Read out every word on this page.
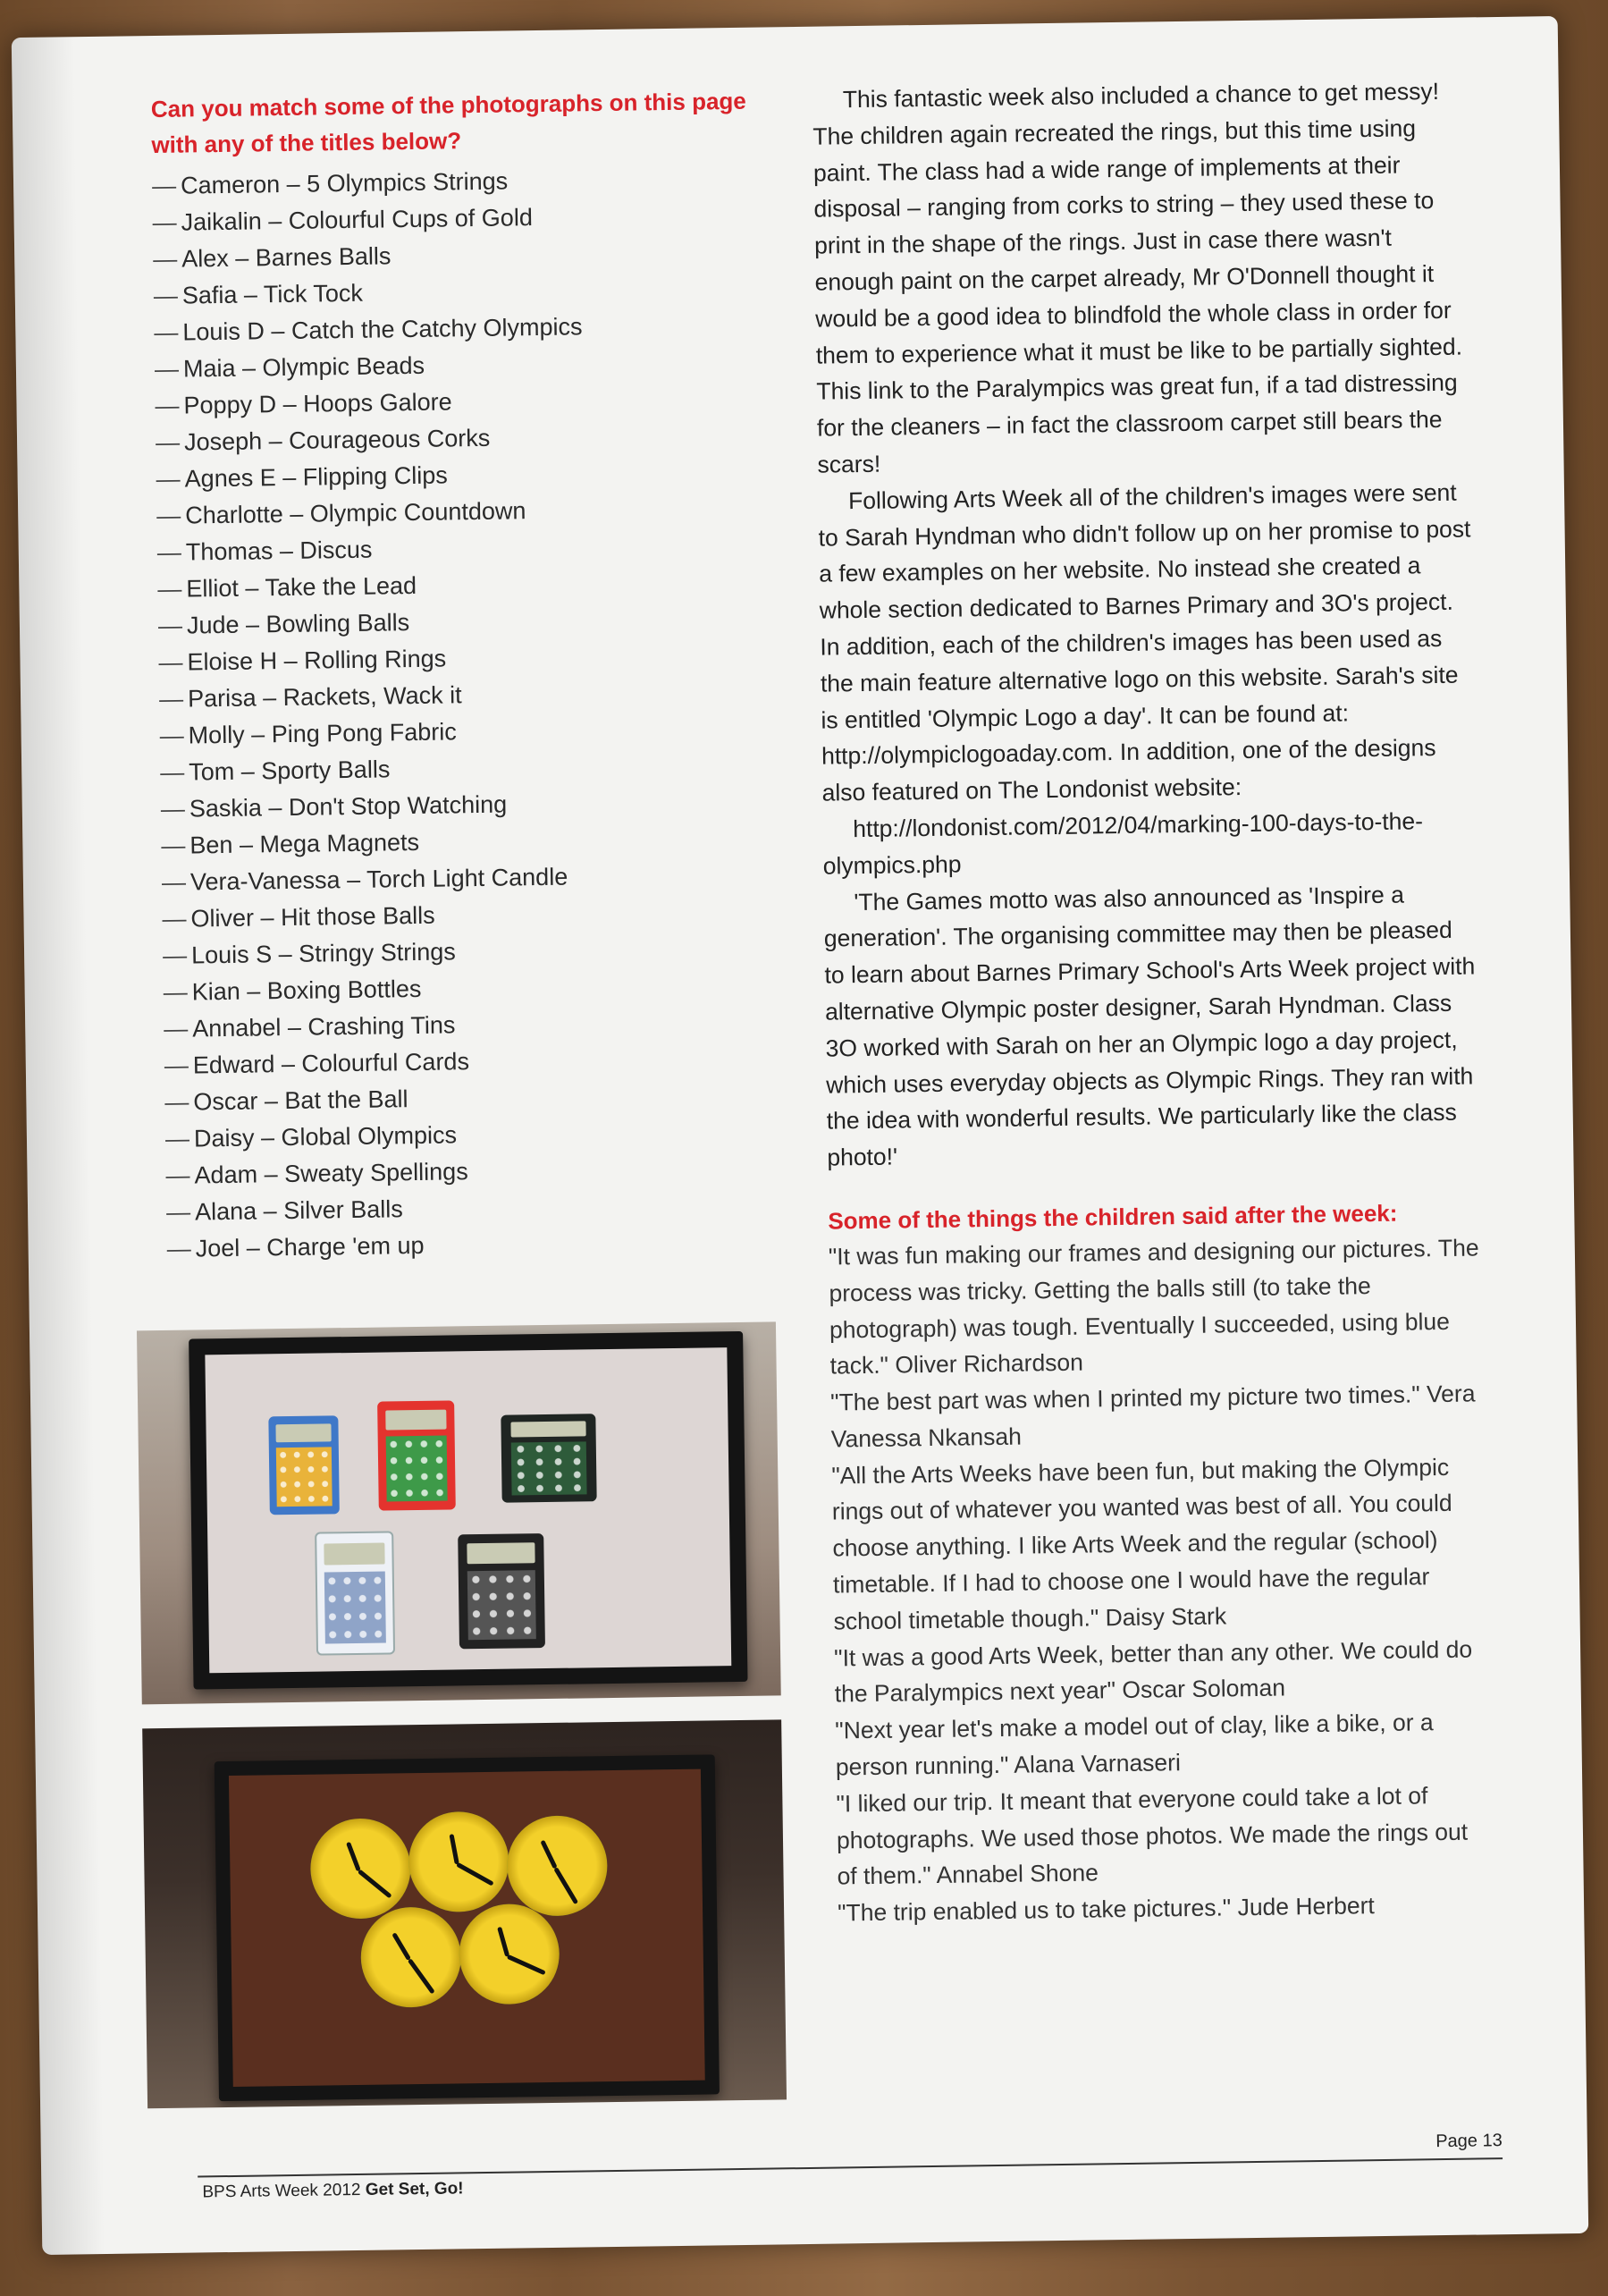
Can you match some of the photographs on this page with any of the titles below?
— Cameron – 5 Olympics Strings
— Jaikalin – Colourful Cups of Gold
— Alex – Barnes Balls
— Safia – Tick Tock
— Louis D – Catch the Catchy Olympics
— Maia – Olympic Beads
— Poppy D – Hoops Galore
— Joseph – Courageous Corks
— Agnes E – Flipping Clips
— Charlotte – Olympic Countdown
— Thomas – Discus
— Elliot – Take the Lead
— Jude – Bowling Balls
— Eloise H – Rolling Rings
— Parisa – Rackets, Wack it
— Molly – Ping Pong Fabric
— Tom – Sporty Balls
— Saskia – Don't Stop Watching
— Ben – Mega Magnets
— Vera-Vanessa – Torch Light Candle
— Oliver – Hit those Balls
— Louis S – Stringy Strings
— Kian – Boxing Bottles
— Annabel – Crashing Tins
— Edward – Colourful Cards
— Oscar – Bat the Ball
— Daisy – Global Olympics
— Adam – Sweaty Spellings
— Alana – Silver Balls
— Joel – Charge 'em up

This fantastic week also included a chance to get messy! The children again recreated the rings, but this time using paint. The class had a wide range of implements at their disposal – ranging from corks to string – they used these to print in the shape of the rings. Just in case there wasn't enough paint on the carpet already, Mr O'Donnell thought it would be a good idea to blindfold the whole class in order for them to experience what it must be like to be partially sighted. This link to the Paralympics was great fun, if a tad distressing for the cleaners – in fact the classroom carpet still bears the scars!

Following Arts Week all of the children's images were sent to Sarah Hyndman who didn't follow up on her promise to post a few examples on her website. No instead she created a whole section dedicated to Barnes Primary and 3O's project. In addition, each of the children's images has been used as the main feature alternative logo on this website. Sarah's site is entitled 'Olympic Logo a day'. It can be found at: http://olympiclogoaday.com. In addition, one of the designs also featured on The Londonist website:

http://londonist.com/2012/04/marking-100-days-to-the-olympics.php

'The Games motto was also announced as 'Inspire a generation'. The organising committee may then be pleased to learn about Barnes Primary School's Arts Week project with alternative Olympic poster designer, Sarah Hyndman. Class 3O worked with Sarah on her an Olympic logo a day project, which uses everyday objects as Olympic Rings. They ran with the idea with wonderful results. We particularly like the class photo!'

Some of the things the children said after the week:

"It was fun making our frames and designing our pictures. The process was tricky. Getting the balls still (to take the photograph) was tough. Eventually I succeeded, using blue tack." Oliver Richardson

"The best part was when I printed my picture two times." Vera Vanessa Nkansah

"All the Arts Weeks have been fun, but making the Olympic rings out of whatever you wanted was best of all. You could choose anything. I like Arts Week and the regular (school) timetable. If I had to choose one I would have the regular school timetable though." Daisy Stark

"It was a good Arts Week, better than any other. We could do the Paralympics next year" Oscar Soloman

"Next year let's make a model out of clay, like a bike, or a person running." Alana Varnaseri

"I liked our trip. It meant that everyone could take a lot of photographs. We used those photos. We made the rings out of them." Annabel Shone

"The trip enabled us to take pictures." Jude Herbert

BPS Arts Week 2012 Get Set, Go!
Page 13
